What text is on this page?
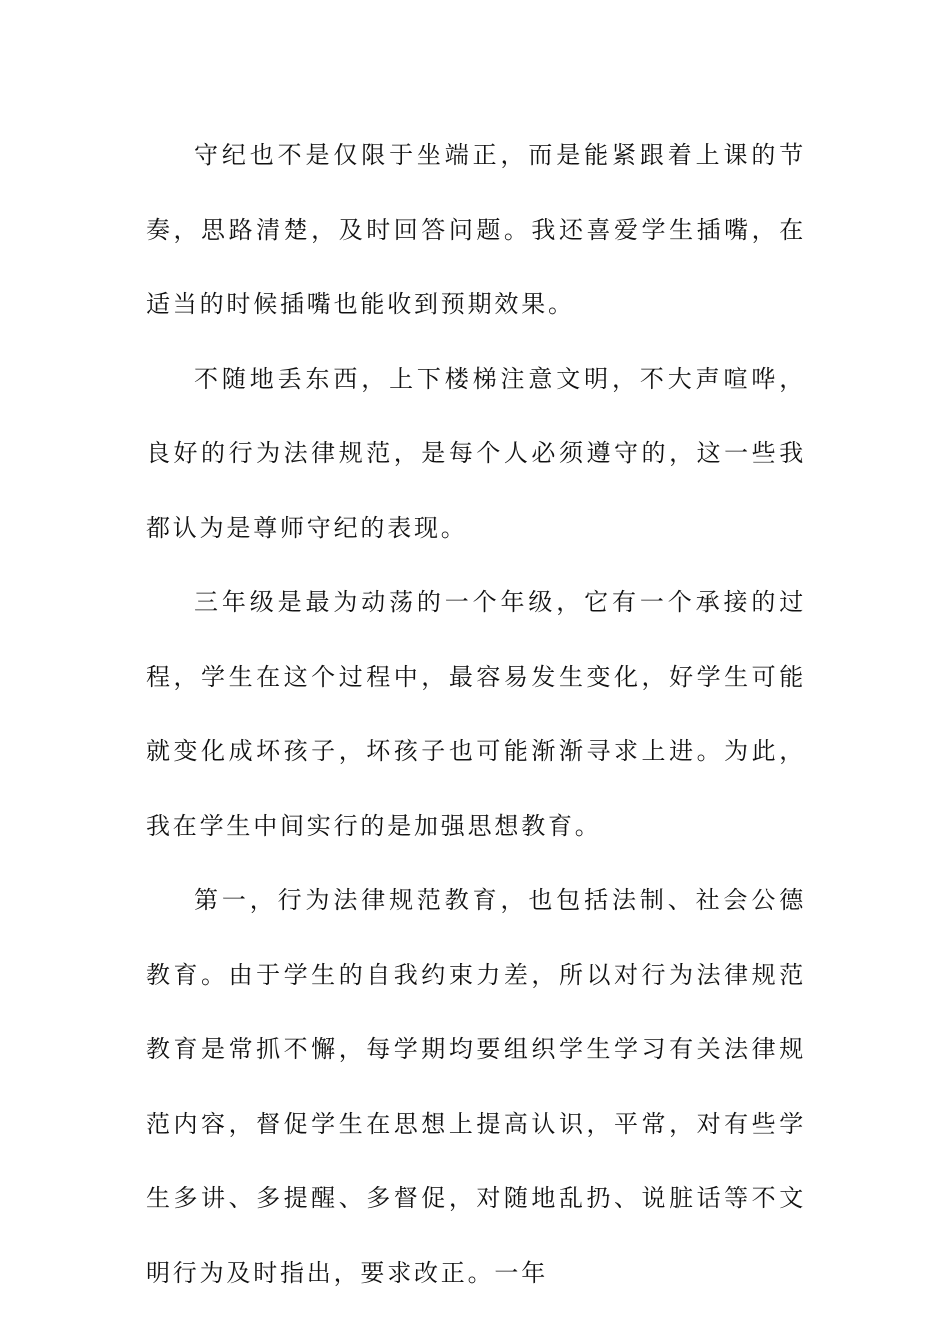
守纪也不是仅限于坐端正，而是能紧跟着上课的节奏，思路清楚，及时回答问题。我还喜爱学生插嘴，在适当的时候插嘴也能收到预期效果。

不随地丢东西，上下楼梯注意文明，不大声喧哗，良好的行为法律规范，是每个人必须遵守的，这一些我都认为是尊师守纪的表现。

三年级是最为动荡的一个年级，它有一个承接的过程，学生在这个过程中，最容易发生变化，好学生可能就变化成坏孩子，坏孩子也可能渐渐寻求上进。为此，我在学生中间实行的是加强思想教育。

第一，行为法律规范教育，也包括法制、社会公德教育。由于学生的自我约束力差，所以对行为法律规范教育是常抓不懈，每学期均要组织学生学习有关法律规范内容，督促学生在思想上提高认识，平常，对有些学生多讲、多提醒、多督促，对随地乱扔、说脏话等不文明行为及时指出，要求改正。一年
